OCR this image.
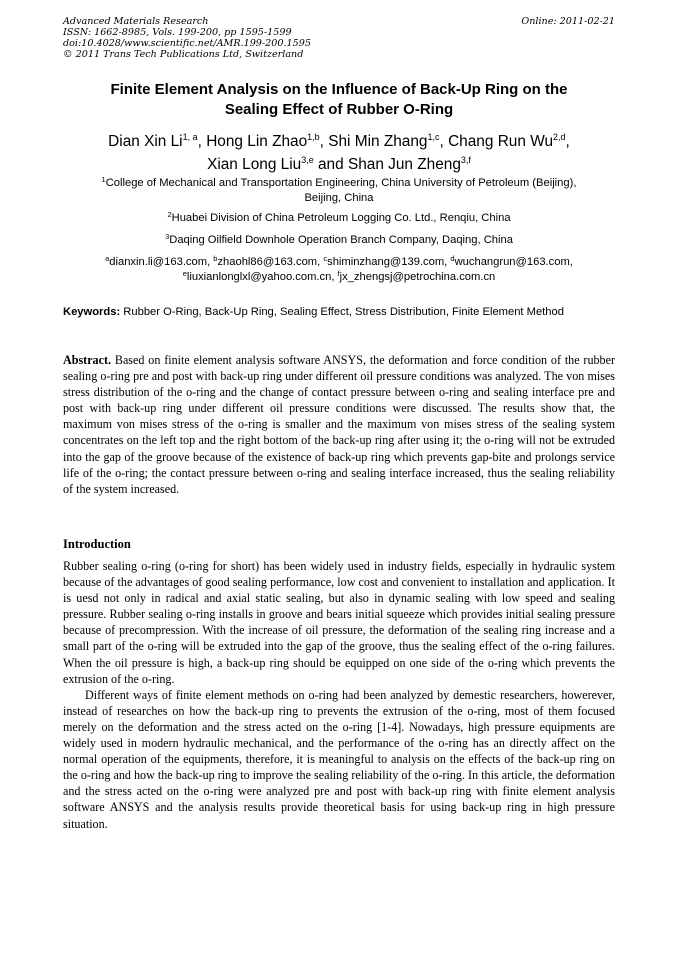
Advanced Materials Research
ISSN: 1662-8985, Vols. 199-200, pp 1595-1599
doi:10.4028/www.scientific.net/AMR.199-200.1595
© 2011 Trans Tech Publications Ltd, Switzerland
Online: 2011-02-21
Finite Element Analysis on the Influence of Back-Up Ring on the
Sealing Effect of Rubber O-Ring
Dian Xin Li$^{1, a}$, Hong Lin Zhao$^{1,b}$, Shi Min Zhang$^{1,c}$, Chang Run Wu$^{2,d}$,
Xian Long Liu$^{3,e}$ and Shan Jun Zheng$^{3,f}$
$^1$College of Mechanical and Transportation Engineering, China University of Petroleum (Beijing),
Beijing, China
$^2$Huabei Division of China Petroleum Logging Co. Ltd., Renqiu, China
$^3$Daqing Oilfield Downhole Operation Branch Company, Daqing, China
$^a$dianxin.li@163.com, $^b$zhaohl86@163.com, $^c$shiminzhang@139.com, $^d$wuchangrun@163.com,
$^e$liuxianlonglxl@yahoo.com.cn, $^f$jx_zhengsj@petrochina.com.cn
Keywords: Rubber O-Ring, Back-Up Ring, Sealing Effect, Stress Distribution, Finite Element Method
Abstract. Based on finite element analysis software ANSYS, the deformation and force condition of the rubber sealing o-ring pre and post with back-up ring under different oil pressure conditions was analyzed. The von mises stress distribution of the o-ring and the change of contact pressure between o-ring and sealing interface pre and post with back-up ring under different oil pressure conditions were discussed. The results show that, the maximum von mises stress of the o-ring is smaller and the maximum von mises stress of the sealing system concentrates on the left top and the right bottom of the back-up ring after using it; the o-ring will not be extruded into the gap of the groove because of the existence of back-up ring which prevents gap-bite and prolongs service life of the o-ring; the contact pressure between o-ring and sealing interface increased, thus the sealing reliability of the system increased.
Introduction

Rubber sealing o-ring (o-ring for short) has been widely used in industry fields, especially in hydraulic system because of the advantages of good sealing performance, low cost and convenient to installation and application. It is uesd not only in radical and axial static sealing, but also in dynamic sealing with low speed and sealing pressure. Rubber sealing o-ring installs in groove and bears initial squeeze which provides initial sealing pressure because of precompression. With the increase of oil pressure, the deformation of the sealing ring increase and a small part of the o-ring will be extruded into the gap of the groove, thus the sealing effect of the o-ring failures. When the oil pressure is high, a back-up ring should be equipped on one side of the o-ring which prevents the extrusion of the o-ring.

Different ways of finite element methods on o-ring had been analyzed by demestic researchers, howerever, instead of researches on how the back-up ring to prevents the extrusion of the o-ring, most of them focused merely on the deformation and the stress acted on the o-ring [1-4]. Nowadays, high pressure equipments are widely used in modern hydraulic mechanical, and the performance of the o-ring has an directly affect on the normal operation of the equipments, therefore, it is meaningful to analysis on the effects of the back-up ring on the o-ring and how the back-up ring to improve the sealing reliability of the o-ring. In this article, the deformation and the stress acted on the o-ring were analyzed pre and post with back-up ring with finite element analysis software ANSYS and the analysis results provide theoretical basis for using back-up ring in high pressure situation.
